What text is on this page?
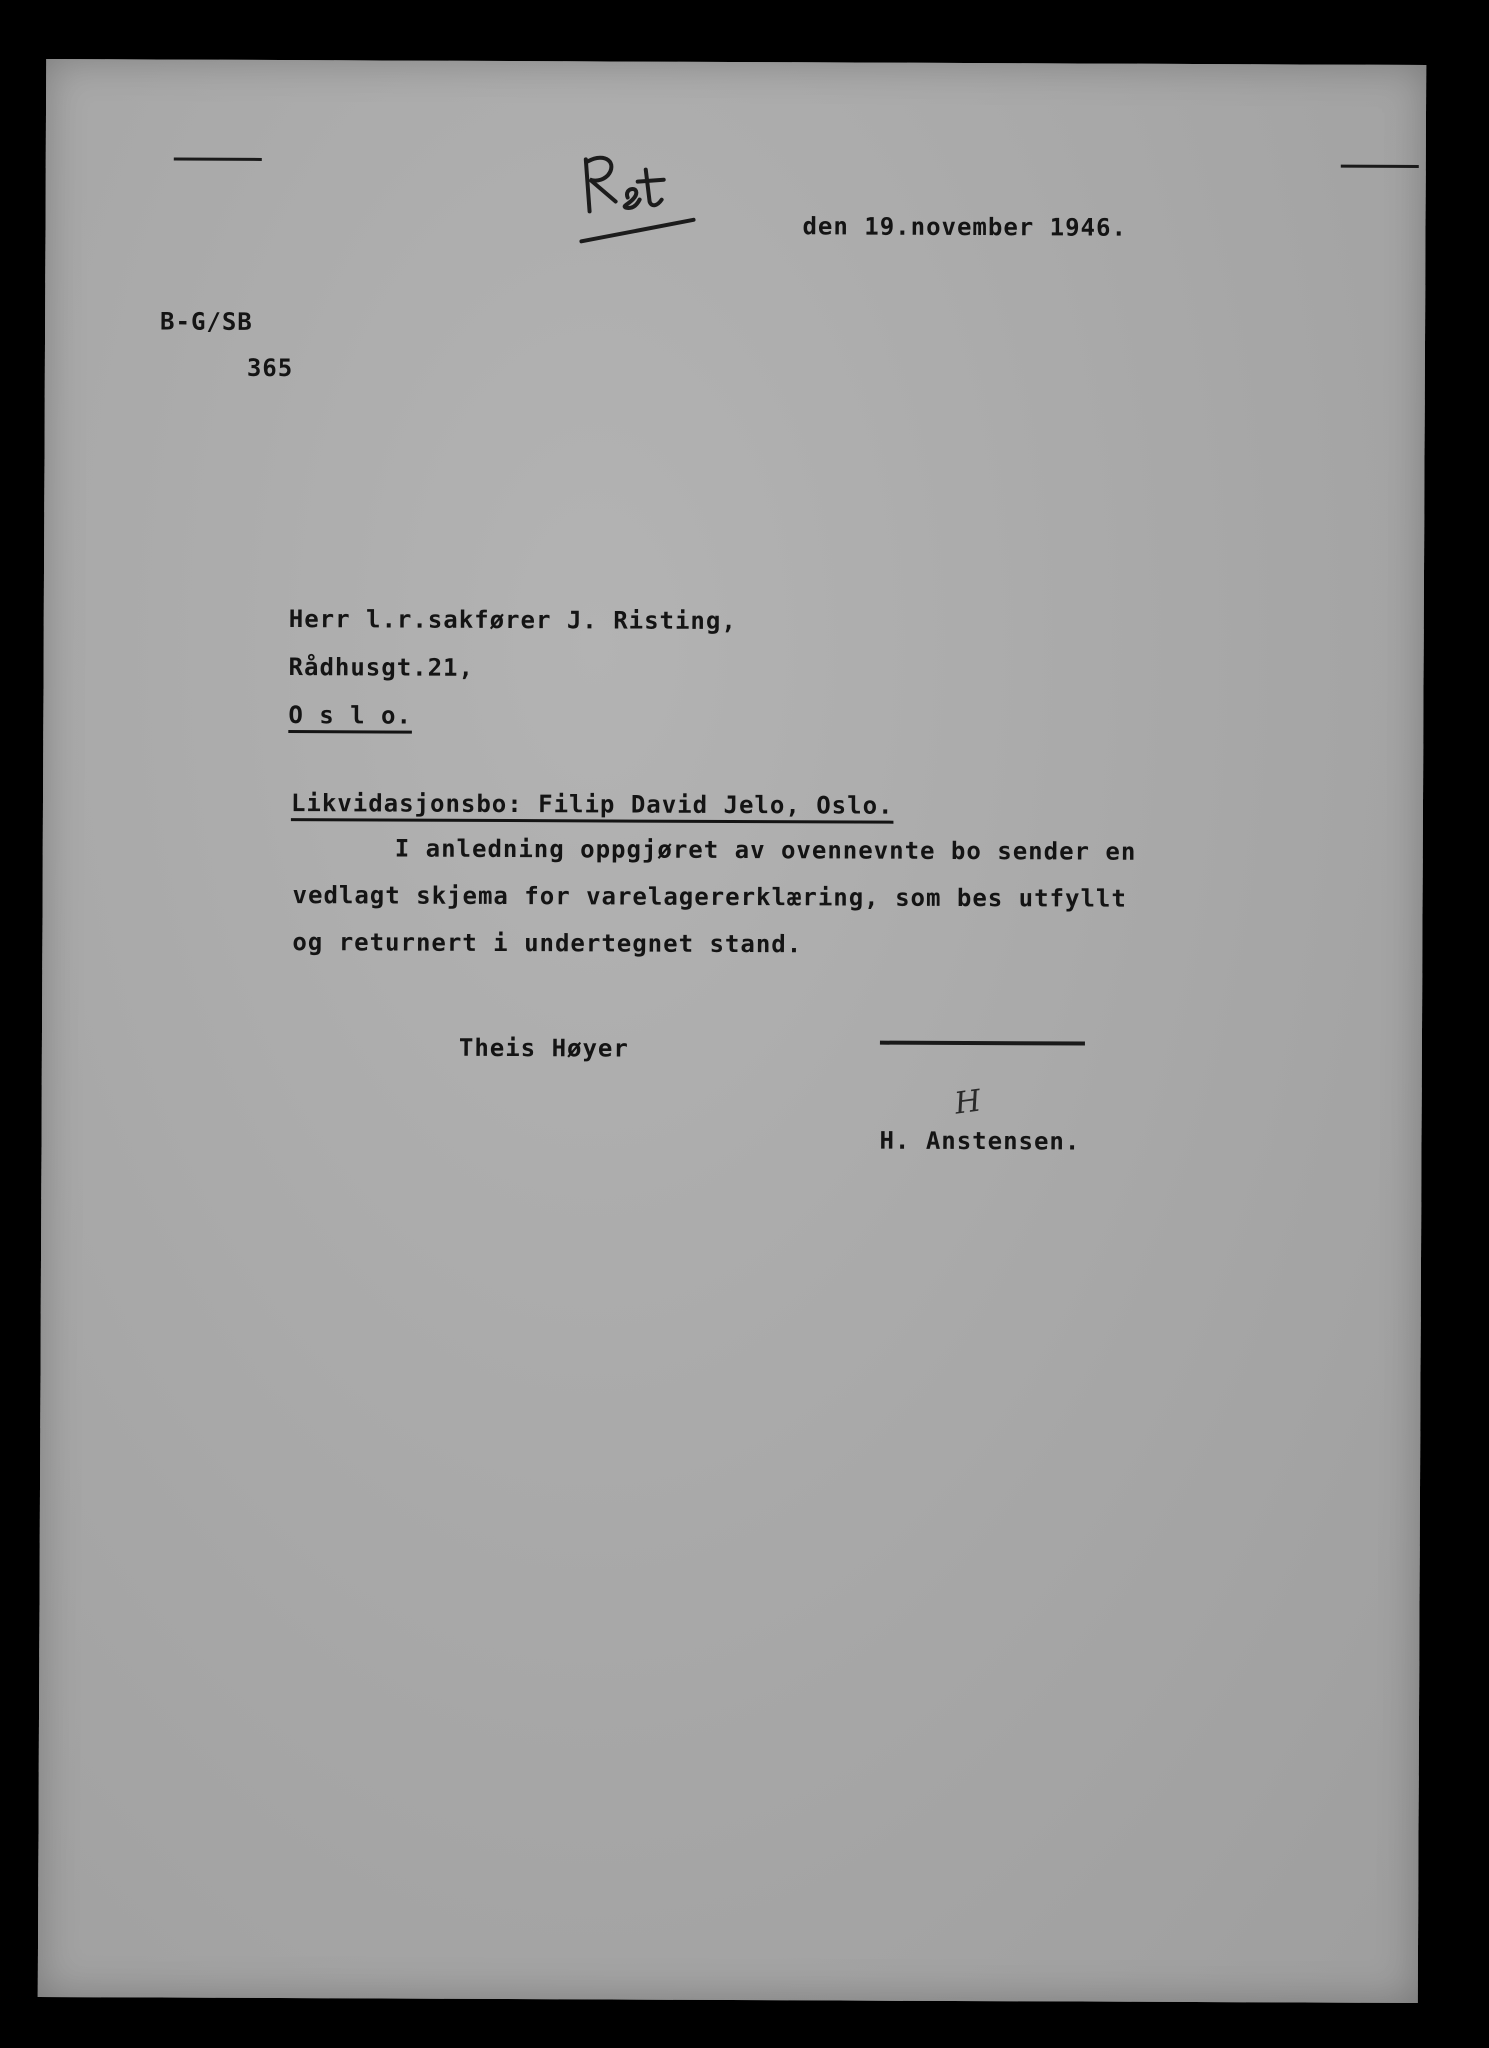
den 19.november 1946.
B-G/SB
365
Herr l.r.sakfører J. Risting,
Rådhusgt.21,
O s l o.
Likvidasjonsbo: Filip David Jelo, Oslo.
I anledning oppgjøret av ovennevnte bo sender en
vedlagt skjema for varelagererklæring, som bes utfyllt
og returnert i undertegnet stand.
Theis Høyer
H
H. Anstensen.
